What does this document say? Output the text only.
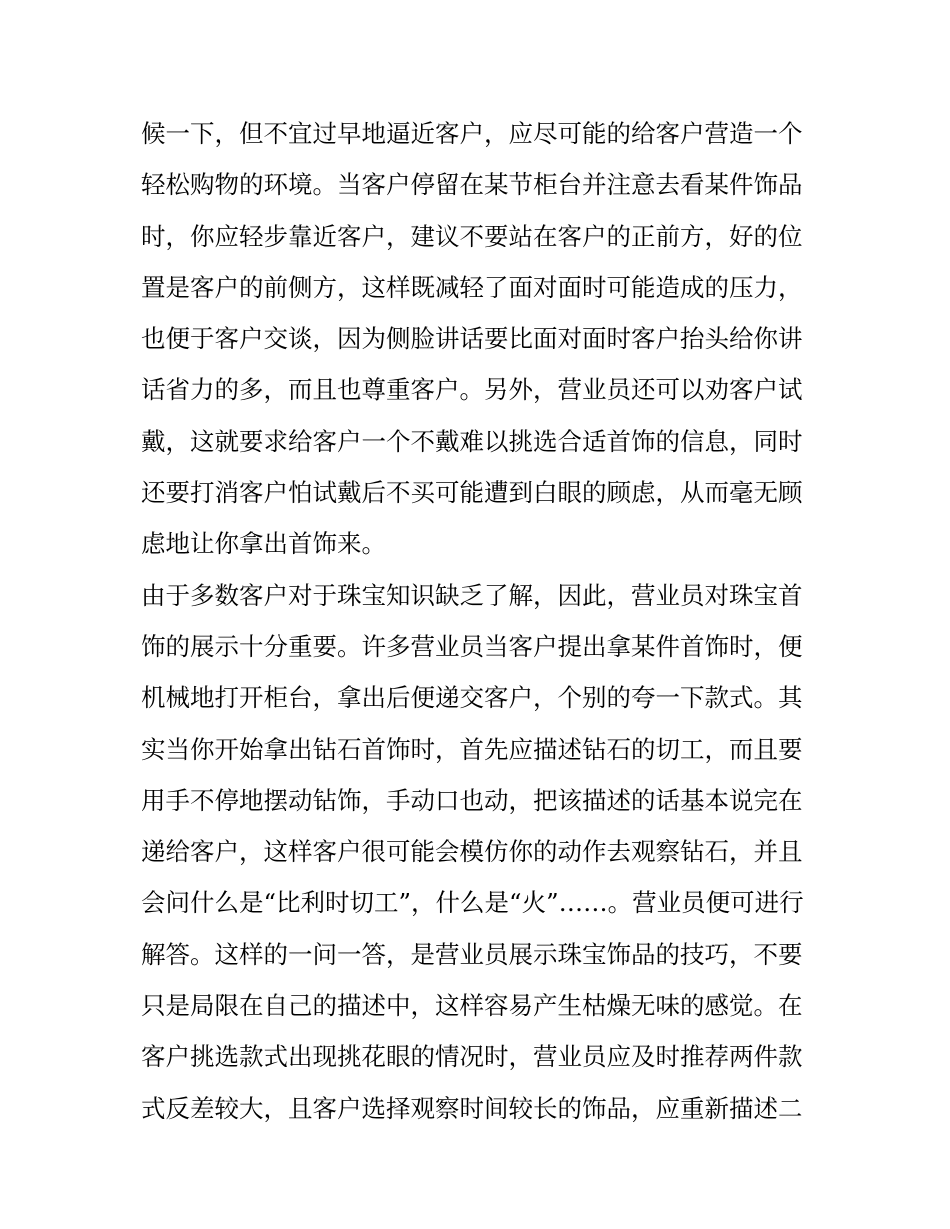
候一下，但不宜过早地逼近客户，应尽可能的给客户营造一个
轻松购物的环境。当客户停留在某节柜台并注意去看某件饰品
时，你应轻步靠近客户，建议不要站在客户的正前方，好的位
置是客户的前侧方，这样既减轻了面对面时可能造成的压力，
也便于客户交谈，因为侧脸讲话要比面对面时客户抬头给你讲
话省力的多，而且也尊重客户。另外，营业员还可以劝客户试
戴，这就要求给客户一个不戴难以挑选合适首饰的信息，同时
还要打消客户怕试戴后不买可能遭到白眼的顾虑，从而毫无顾
虑地让你拿出首饰来。
由于多数客户对于珠宝知识缺乏了解，因此，营业员对珠宝首
饰的展示十分重要。许多营业员当客户提出拿某件首饰时，便
机械地打开柜台，拿出后便递交客户，个别的夸一下款式。其
实当你开始拿出钻石首饰时，首先应描述钻石的切工，而且要
用手不停地摆动钻饰，手动口也动，把该描述的话基本说完在
递给客户，这样客户很可能会模仿你的动作去观察钻石，并且
会问什么是“比利时切工”，什么是“火”……。营业员便可进行
解答。这样的一问一答，是营业员展示珠宝饰品的技巧，不要
只是局限在自己的描述中，这样容易产生枯燥无味的感觉。在
客户挑选款式出现挑花眼的情况时，营业员应及时推荐两件款
式反差较大，且客户选择观察时间较长的饰品，应重新描述二
